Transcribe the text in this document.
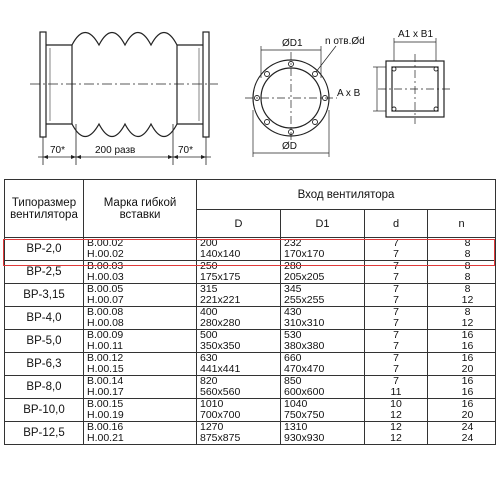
70*	200 разв	70*
ØD1 n отв.Ød
ØD
A1 x B1
A x B
Типоразмер вентилятора	Марка гибкой вставки	Вход вентилятора			
		D	D1	d	n
ВР-2,0	В.00.02	200	232	7	8
	Н.00.02	140x140	170x170	7	8
ВР-2,5	В.00.03	250	280	7	8
	Н.00.03	175x175	205x205	7	8
ВР-3,15	В.00.05	315	345	7	8
	Н.00.07	221x221	255x255	7	12
ВР-4,0	В.00.08	400	430	7	8
	Н.00.08	280x280	310x310	7	12
ВР-5,0	В.00.09	500	530	7	16
	Н.00.11	350x350	380x380	7	16
ВР-6,3	В.00.12	630	660	7	16
	Н.00.15	441x441	470x470	7	20
ВР-8,0	В.00.14	820	850	7	16
	Н.00.17	560x560	600x600	11	16
ВР-10,0	В.00.15	1010	1040	10	16
	Н.00.19	700x700	750x750	12	20
ВР-12,5	В.00.16	1270	1310	12	24
	Н.00.21	875x875	930x930	12	24
